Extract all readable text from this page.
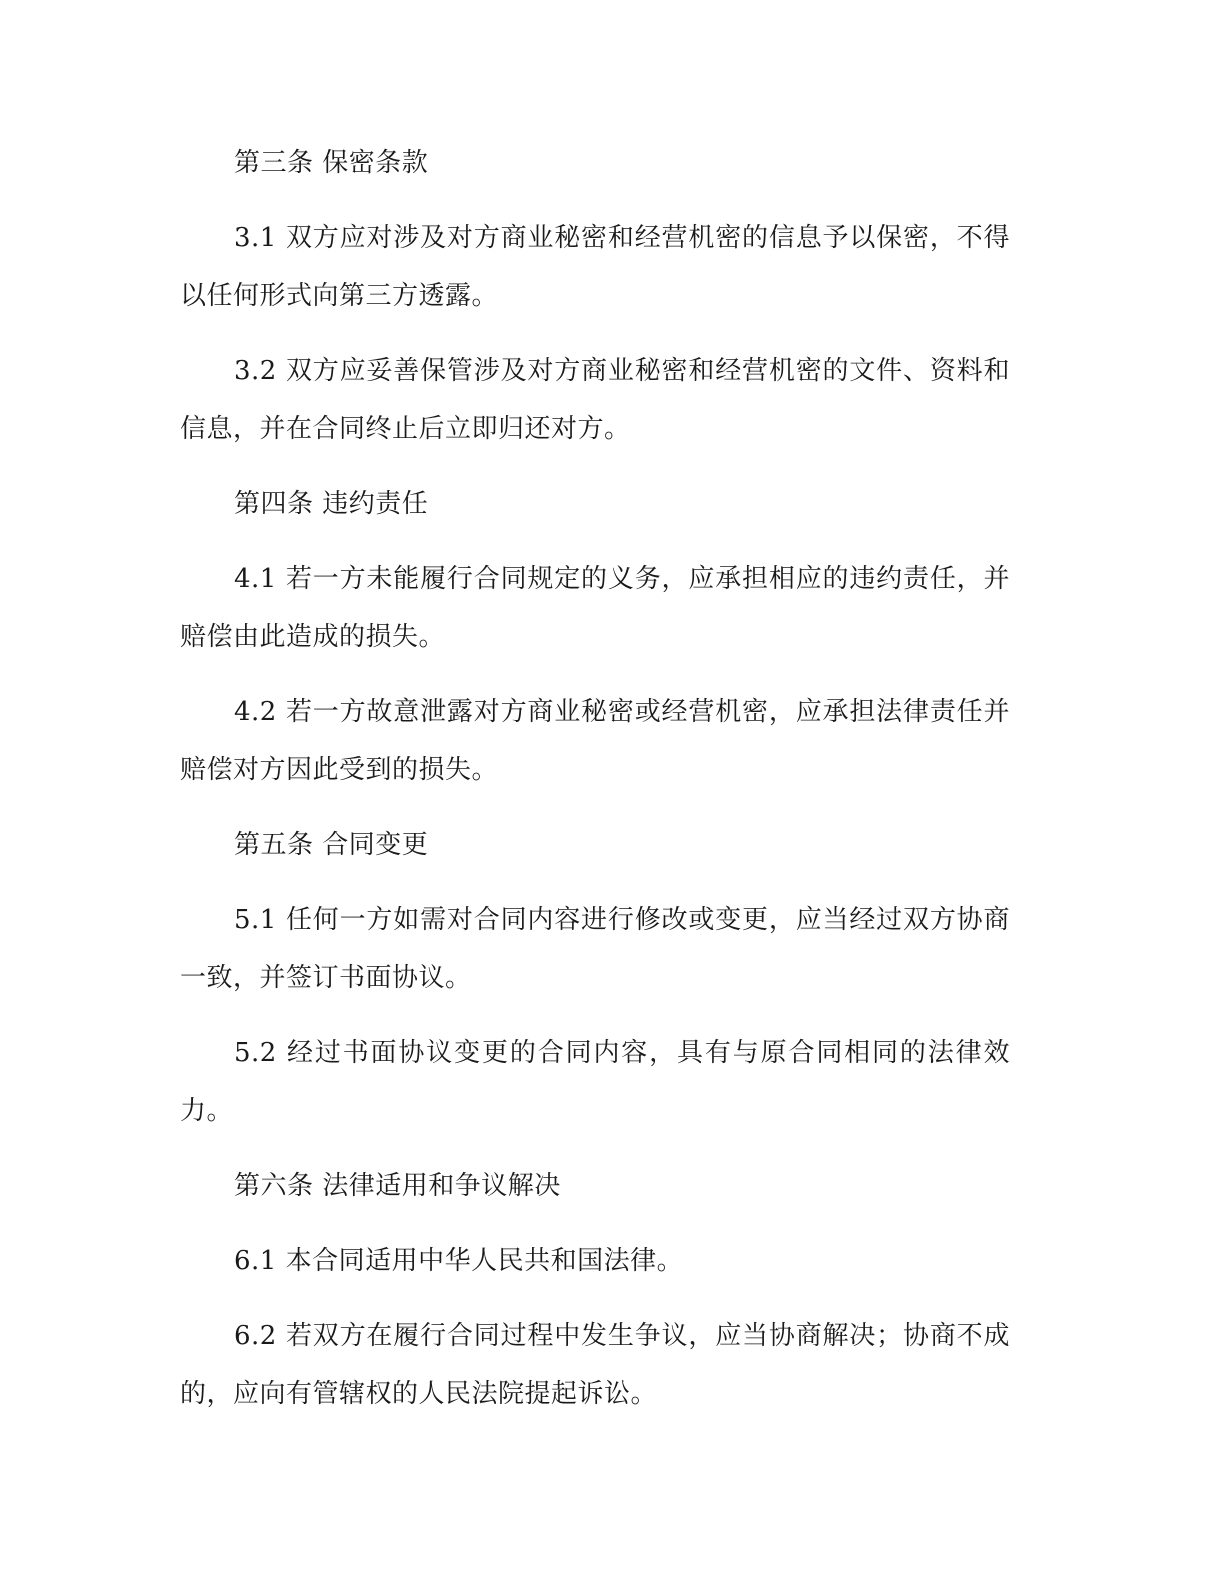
第三条 保密条款
3.1 双方应对涉及对方商业秘密和经营机密的信息予以保密，不得以任何形式向第三方透露。
3.2 双方应妥善保管涉及对方商业秘密和经营机密的文件、资料和信息，并在合同终止后立即归还对方。
第四条 违约责任
4.1 若一方未能履行合同规定的义务，应承担相应的违约责任，并赔偿由此造成的损失。
4.2 若一方故意泄露对方商业秘密或经营机密，应承担法律责任并赔偿对方因此受到的损失。
第五条 合同变更
5.1 任何一方如需对合同内容进行修改或变更，应当经过双方协商一致，并签订书面协议。
5.2 经过书面协议变更的合同内容，具有与原合同相同的法律效力。
第六条 法律适用和争议解决
6.1 本合同适用中华人民共和国法律。
6.2 若双方在履行合同过程中发生争议，应当协商解决；协商不成的，应向有管辖权的人民法院提起诉讼。
